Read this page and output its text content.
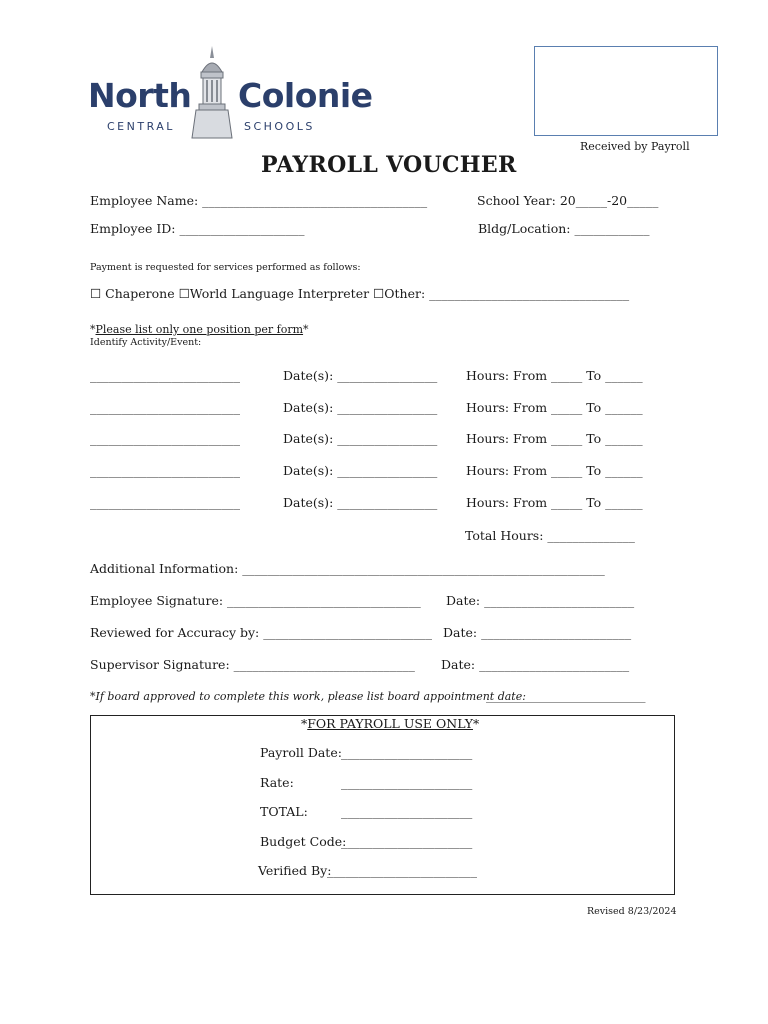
North Colonie
CENTRAL	SCHOOLS
Received by Payroll
PAYROLL VOUCHER
Employee Name: ____________________________________	School Year: 20_____-20_____
Employee ID: ____________________	Bldg/Location: ____________
Payment is requested for services performed as follows:
☐ Chaperone ☐World Language Interpreter ☐Other: ________________________________
*Please list only one position per form*
Identify Activity/Event:
________________________	Date(s): ________________ Hours: From _____ To ______
________________________	Date(s): ________________ Hours: From _____ To ______
________________________	Date(s): ________________ Hours: From _____ To ______
________________________	Date(s): ________________ Hours: From _____ To ______
________________________	Date(s): ________________ Hours: From _____ To ______
Total Hours: ______________
Additional Information: __________________________________________________________
Employee Signature: _______________________________ Date: ________________________
Reviewed for Accuracy by: ___________________________ Date: ________________________
Supervisor Signature: _____________________________ Date: ________________________
*If board approved to complete this work, please list board appointment date:
_____________________________
*FOR PAYROLL USE ONLY*
Payroll Date: _____________________
Rate:	_____________________
TOTAL:	_____________________
Budget Code:
_____________________
Verified By:
________________________
Revised 8/23/2024
